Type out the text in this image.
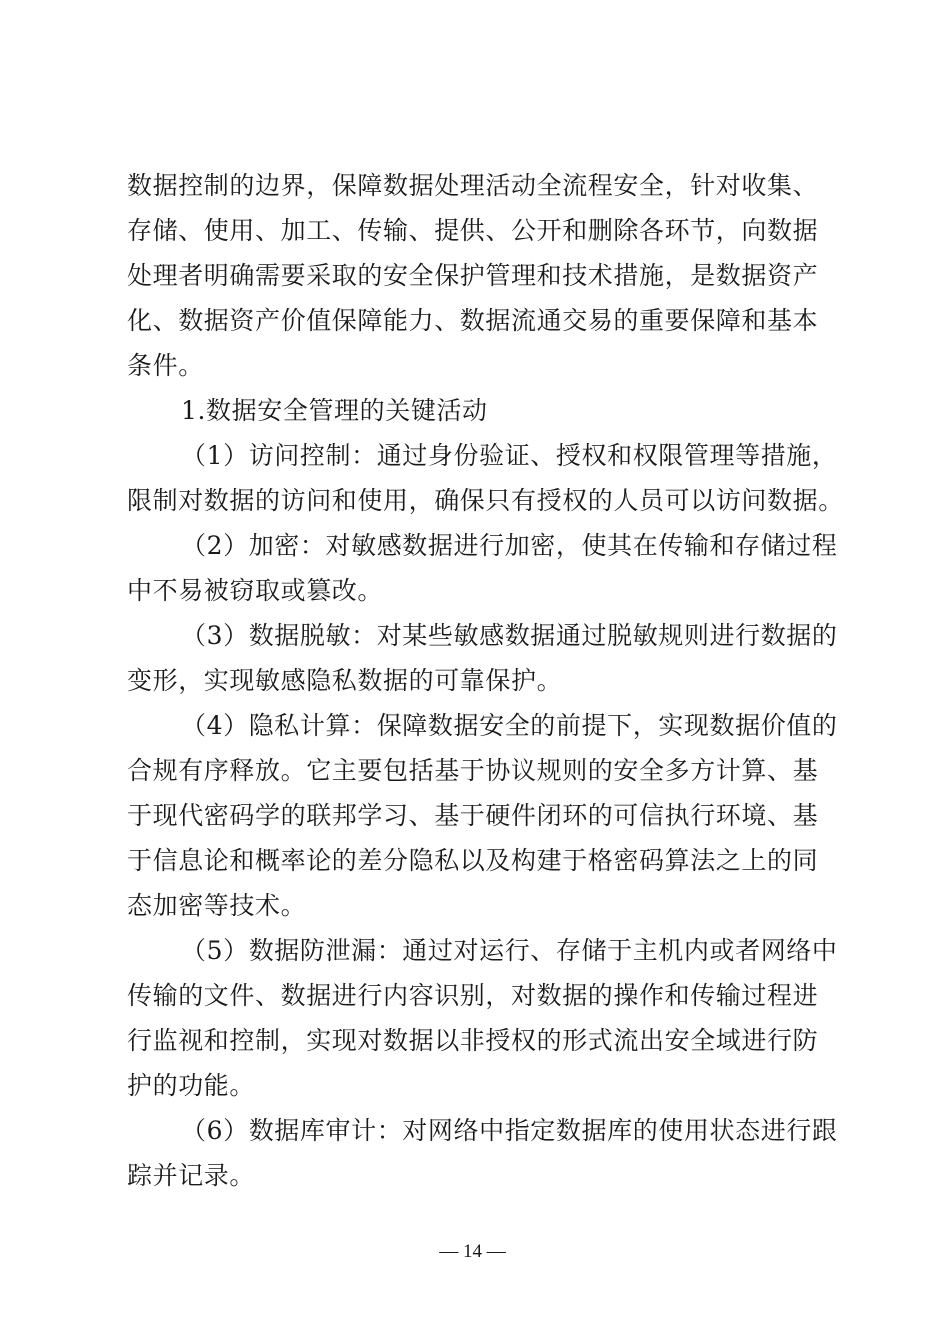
数据控制的边界，保障数据处理活动全流程安全，针对收集、
存储、使用、加工、传输、提供、公开和删除各环节，向数据
处理者明确需要采取的安全保护管理和技术措施，是数据资产
化、数据资产价值保障能力、数据流通交易的重要保障和基本
条件。
1.数据安全管理的关键活动
（1）访问控制：通过身份验证、授权和权限管理等措施，
限制对数据的访问和使用，确保只有授权的人员可以访问数据。
（2）加密：对敏感数据进行加密，使其在传输和存储过程
中不易被窃取或篡改。
（3）数据脱敏：对某些敏感数据通过脱敏规则进行数据的
变形，实现敏感隐私数据的可靠保护。
（4）隐私计算：保障数据安全的前提下，实现数据价值的
合规有序释放。它主要包括基于协议规则的安全多方计算、基
于现代密码学的联邦学习、基于硬件闭环的可信执行环境、基
于信息论和概率论的差分隐私以及构建于格密码算法之上的同
态加密等技术。
（5）数据防泄漏：通过对运行、存储于主机内或者网络中
传输的文件、数据进行内容识别，对数据的操作和传输过程进
行监视和控制，实现对数据以非授权的形式流出安全域进行防
护的功能。
（6）数据库审计：对网络中指定数据库的使用状态进行跟
踪并记录。
— 14 —
